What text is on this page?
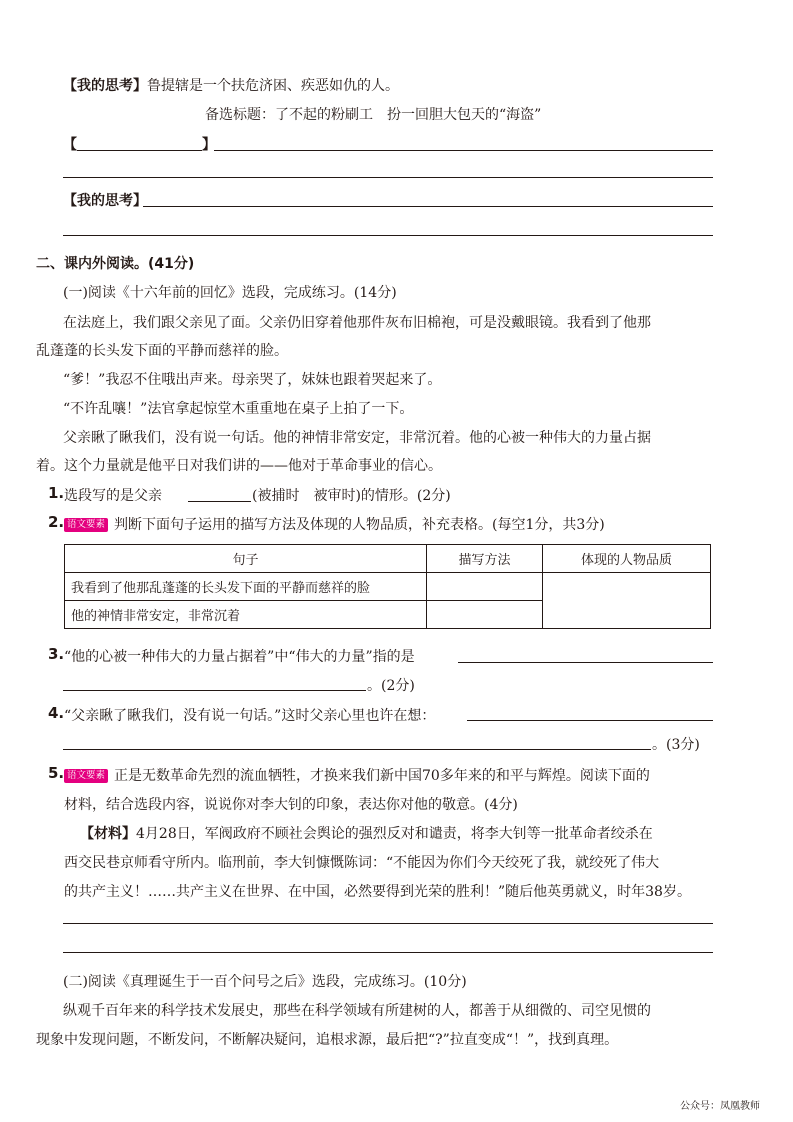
【我的思考】鲁提辖是一个扶危济困、疾恶如仇的人。
备选标题：了不起的粉刷工　扮一回胆大包天的“海盗”
【	】
【我的思考】
二、课内外阅读。(41分)
(一)阅读《十六年前的回忆》选段，完成练习。(14分)
在法庭上，我们跟父亲见了面。父亲仍旧穿着他那件灰布旧棉袍，可是没戴眼镜。我看到了他那
乱蓬蓬的长头发下面的平静而慈祥的脸。
“爹！”我忍不住哦出声来。母亲哭了，妹妹也跟着哭起来了。
“不许乱嚷！”法官拿起惊堂木重重地在桌子上拍了一下。
父亲瞅了瞅我们，没有说一句话。他的神情非常安定，非常沉着。他的心被一种伟大的力量占据
着。这个力量就是他平日对我们讲的——他对于革命事业的信心。
1. 选段写的是父亲	(被捕时　被审时)的情形。(2分)
2. 语文要素 判断下面句子运用的描写方法及体现的人物品质，补充表格。(每空1分，共3分)
句子	描写方法	体现的人物品质
我看到了他那乱蓬蓬的长头发下面的平静而慈祥的脸		
他的神情非常安定，非常沉着		
3. “他的心被一种伟大的力量占据着”中“伟大的力量”指的是
。(2分)
4. “父亲瞅了瞅我们，没有说一句话。”这时父亲心里也许在想：
。(3分)
5. 语文要素 正是无数革命先烈的流血牺牲，才换来我们新中国70多年来的和平与辉煌。阅读下面的
材料，结合选段内容，说说你对李大钊的印象，表达你对他的敬意。(4分)
【材料】4月28日，军阀政府不顾社会舆论的强烈反对和谴责，将李大钊等一批革命者绞杀在
西交民巷京师看守所内。临刑前，李大钊慷慨陈词：“不能因为你们今天绞死了我，就绞死了伟大
的共产主义！……共产主义在世界、在中国，必然要得到光荣的胜利！”随后他英勇就义，时年38岁。
(二)阅读《真理诞生于一百个问号之后》选段，完成练习。(10分)
纵观千百年来的科学技术发展史，那些在科学领域有所建树的人，都善于从细微的、司空见惯的
现象中发现问题，不断发问，不断解决疑问，追根求源，最后把“?”拉直变成“！”，找到真理。
公众号：凤凰教师
